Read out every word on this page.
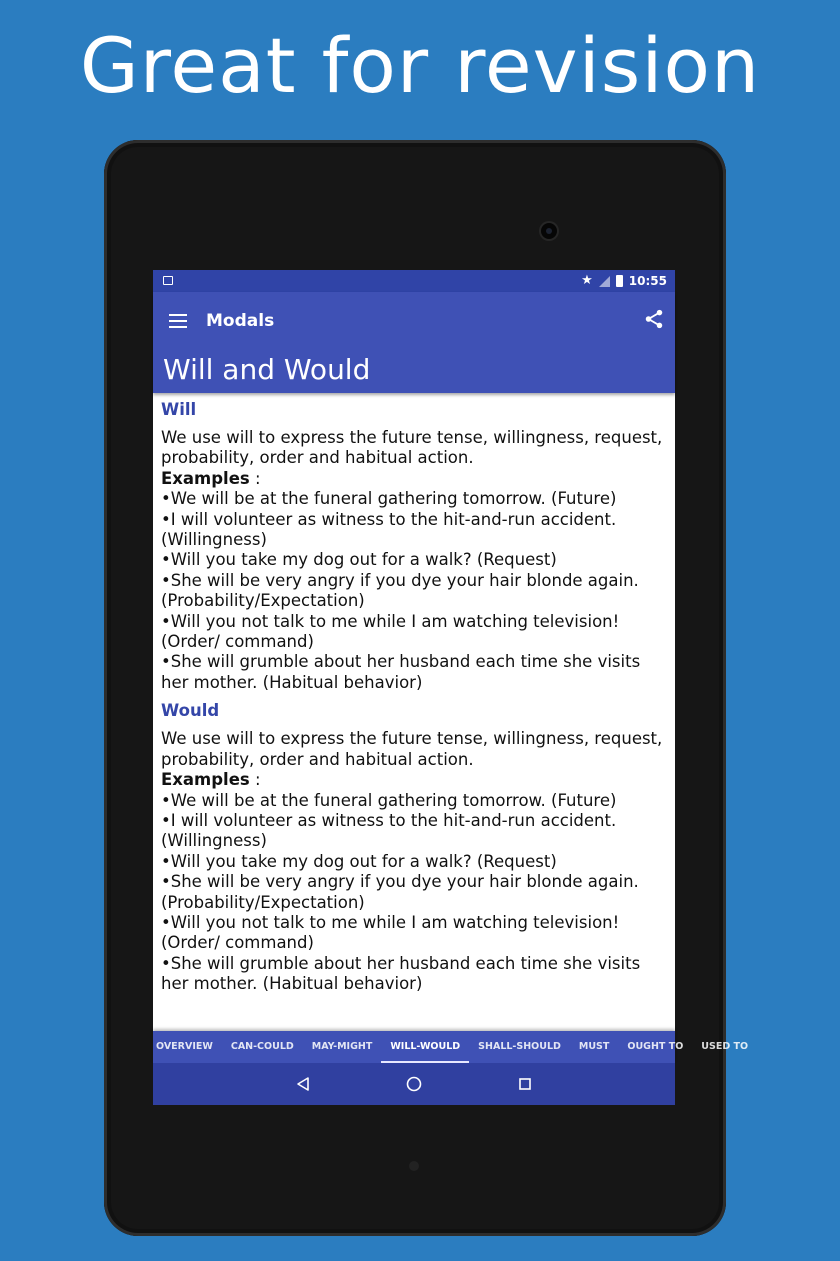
Great for revision
★	10:55
Modals
Will and Would
Will

We use will to express the future tense, willingness, request, probability, order and habitual action.

Examples :

•We will be at the funeral gathering tomorrow. (Future)

•I will volunteer as witness to the hit-and-run accident. (Willingness)

•Will you take my dog out for a walk? (Request)

•She will be very angry if you dye your hair blonde again. (Probability/Expectation)

•Will you not talk to me while I am watching television! (Order/ command)

•She will grumble about her husband each time she visits her mother. (Habitual behavior)

Would

We use will to express the future tense, willingness, request, probability, order and habitual action.

Examples :

•We will be at the funeral gathering tomorrow. (Future)

•I will volunteer as witness to the hit-and-run accident. (Willingness)

•Will you take my dog out for a walk? (Request)

•She will be very angry if you dye your hair blonde again. (Probability/Expectation)

•Will you not talk to me while I am watching television! (Order/ command)

•She will grumble about her husband each time she visits her mother. (Habitual behavior)

OVERVIEW	CAN-COULD	MAY-MIGHT	WILL-WOULD	SHALL-SHOULD	MUST	OUGHT TO	USED TO
